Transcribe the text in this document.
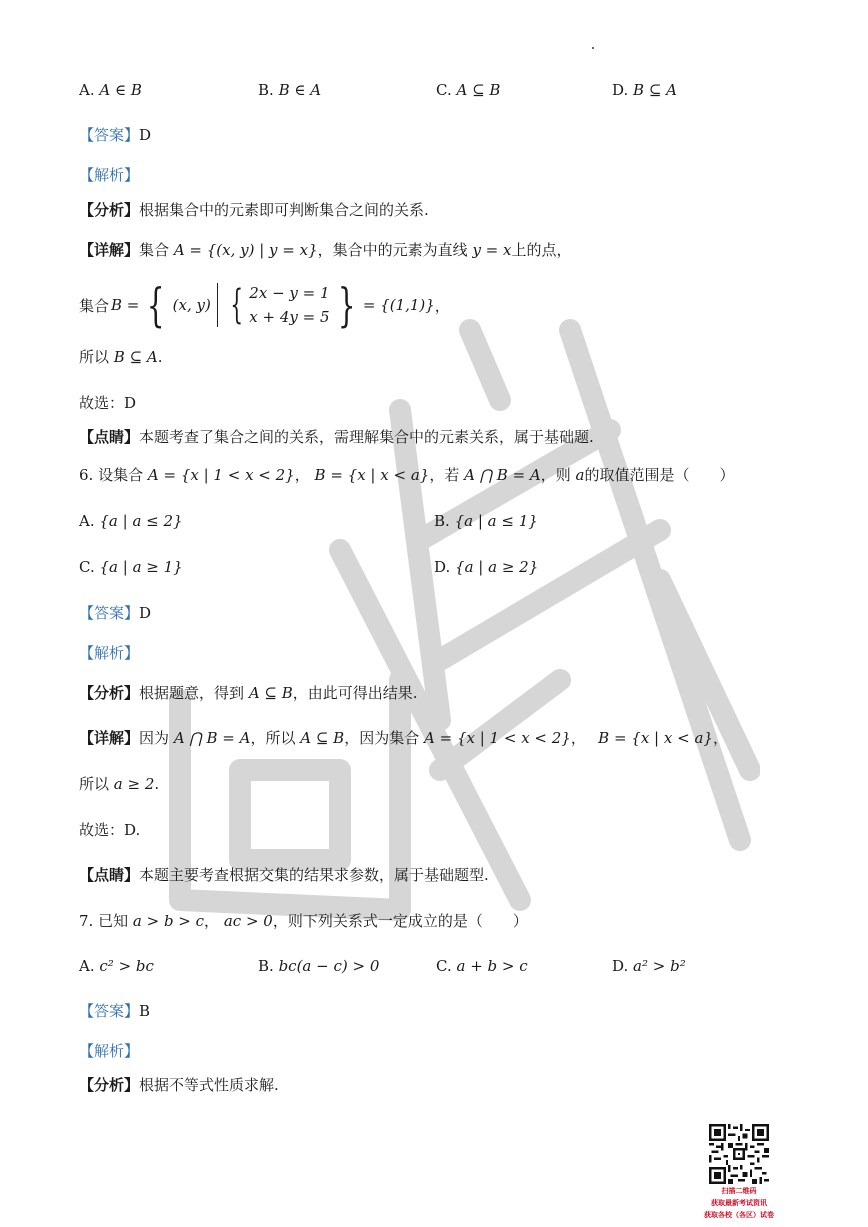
A. A ∈ B	B. B ∈ A	C. A ⊆ B	D. B ⊆ A
【答案】D
【解析】
【分析】根据集合中的元素即可判断集合之间的关系.
【详解】集合 A = {(x, y) | y = x}，集合中的元素为直线 y = x上的点，
集合 B = { (x, y) { 2x − y = 1
x + 4y = 5 } = {(1,1)} ，
所以 B ⊆ A.
故选：D
【点睛】本题考查了集合之间的关系，需理解集合中的元素关系，属于基础题.
6. 设集合 A = {x | 1 < x < 2}， B = {x | x < a}，若 A ⋂ B = A，则 a的取值范围是（　　）
A. {a | a ≤ 2}	B. {a | a ≤ 1}
C. {a | a ≥ 1}	D. {a | a ≥ 2}
【答案】D
【解析】
【分析】根据题意，得到 A ⊆ B，由此可得出结果.
【详解】因为 A ⋂ B = A，所以 A ⊆ B，因为集合 A = {x | 1 < x < 2}，　 B = {x | x < a}，
所以 a ≥ 2.
故选：D.
【点睛】本题主要考查根据交集的结果求参数，属于基础题型.
7. 已知 a > b > c， ac > 0，则下列关系式一定成立的是（　　）
A. c² > bc	B. bc(a − c) > 0	C. a + b > c	D. a² > b²
【答案】B
【解析】
【分析】根据不等式性质求解.
扫描二维码
获取最新考试资讯
获取各校（各区）试卷
